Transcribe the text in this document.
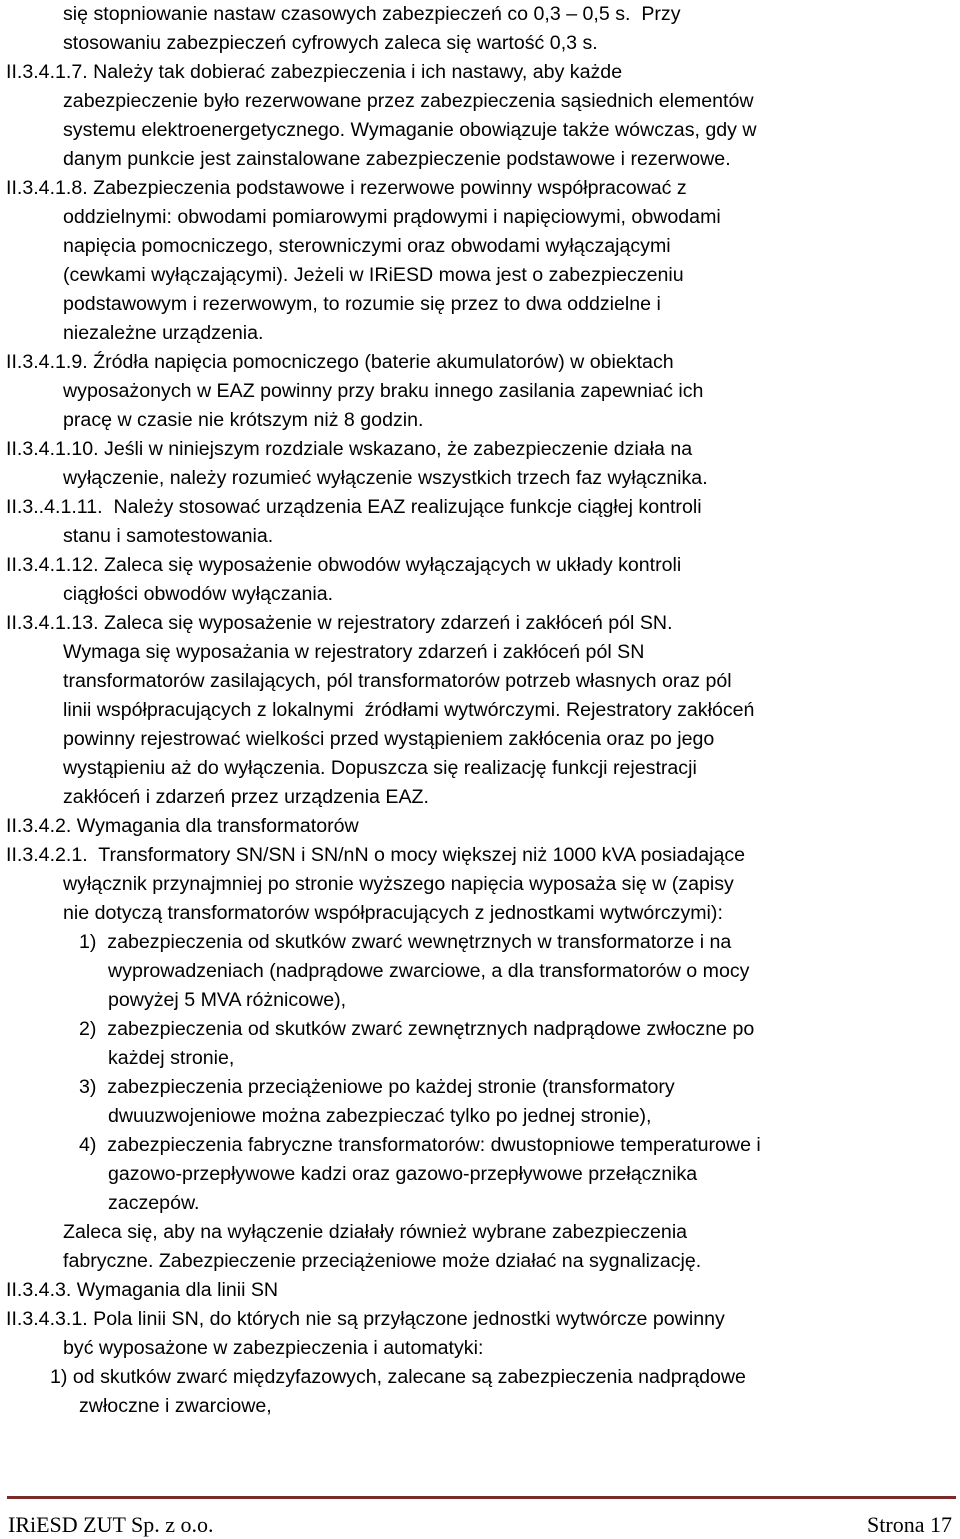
się stopniowanie nastaw czasowych zabezpieczeń co 0,3 – 0,5 s.  Przy
stosowaniu zabezpieczeń cyfrowych zaleca się wartość 0,3 s.
II.3.4.1.7. Należy tak dobierać zabezpieczenia i ich nastawy, aby każde
zabezpieczenie było rezerwowane przez zabezpieczenia sąsiednich elementów
systemu elektroenergetycznego. Wymaganie obowiązuje także wówczas, gdy w
danym punkcie jest zainstalowane zabezpieczenie podstawowe i rezerwowe.
II.3.4.1.8. Zabezpieczenia podstawowe i rezerwowe powinny współpracować z
oddzielnymi: obwodami pomiarowymi prądowymi i napięciowymi, obwodami
napięcia pomocniczego, sterowniczymi oraz obwodami wyłączającymi
(cewkami wyłączającymi). Jeżeli w IRiESD mowa jest o zabezpieczeniu
podstawowym i rezerwowym, to rozumie się przez to dwa oddzielne i
niezależne urządzenia.
II.3.4.1.9. Źródła napięcia pomocniczego (baterie akumulatorów) w obiektach
wyposażonych w EAZ powinny przy braku innego zasilania zapewniać ich
pracę w czasie nie krótszym niż 8 godzin.
II.3.4.1.10. Jeśli w niniejszym rozdziale wskazano, że zabezpieczenie działa na
wyłączenie, należy rozumieć wyłączenie wszystkich trzech faz wyłącznika.
II.3..4.1.11.  Należy stosować urządzenia EAZ realizujące funkcje ciągłej kontroli
stanu i samotestowania.
II.3.4.1.12. Zaleca się wyposażenie obwodów wyłączających w układy kontroli
ciągłości obwodów wyłączania.
II.3.4.1.13. Zaleca się wyposażenie w rejestratory zdarzeń i zakłóceń pól SN.
Wymaga się wyposażania w rejestratory zdarzeń i zakłóceń pól SN
transformatorów zasilających, pól transformatorów potrzeb własnych oraz pól
linii współpracujących z lokalnymi  źródłami wytwórczymi. Rejestratory zakłóceń
powinny rejestrować wielkości przed wystąpieniem zakłócenia oraz po jego
wystąpieniu aż do wyłączenia. Dopuszcza się realizację funkcji rejestracji
zakłóceń i zdarzeń przez urządzenia EAZ.
II.3.4.2. Wymagania dla transformatorów
II.3.4.2.1.  Transformatory SN/SN i SN/nN o mocy większej niż 1000 kVA posiadające
wyłącznik przynajmniej po stronie wyższego napięcia wyposaża się w (zapisy
nie dotyczą transformatorów współpracujących z jednostkami wytwórczymi):
1)  zabezpieczenia od skutków zwarć wewnętrznych w transformatorze i na
wyprowadzeniach (nadprądowe zwarciowe, a dla transformatorów o mocy
powyżej 5 MVA różnicowe),
2)  zabezpieczenia od skutków zwarć zewnętrznych nadprądowe zwłoczne po
każdej stronie,
3)  zabezpieczenia przeciążeniowe po każdej stronie (transformatory
dwuuzwojeniowe można zabezpieczać tylko po jednej stronie),
4)  zabezpieczenia fabryczne transformatorów: dwustopniowe temperaturowe i
gazowo-przepływowe kadzi oraz gazowo-przepływowe przełącznika
zaczepów.
Zaleca się, aby na wyłączenie działały również wybrane zabezpieczenia
fabryczne. Zabezpieczenie przeciążeniowe może działać na sygnalizację.
II.3.4.3. Wymagania dla linii SN
II.3.4.3.1. Pola linii SN, do których nie są przyłączone jednostki wytwórcze powinny
być wyposażone w zabezpieczenia i automatyki:
1) od skutków zwarć międzyfazowych, zalecane są zabezpieczenia nadprądowe
zwłoczne i zwarciowe,
IRiESD ZUT Sp. z o.o.	Strona 17
